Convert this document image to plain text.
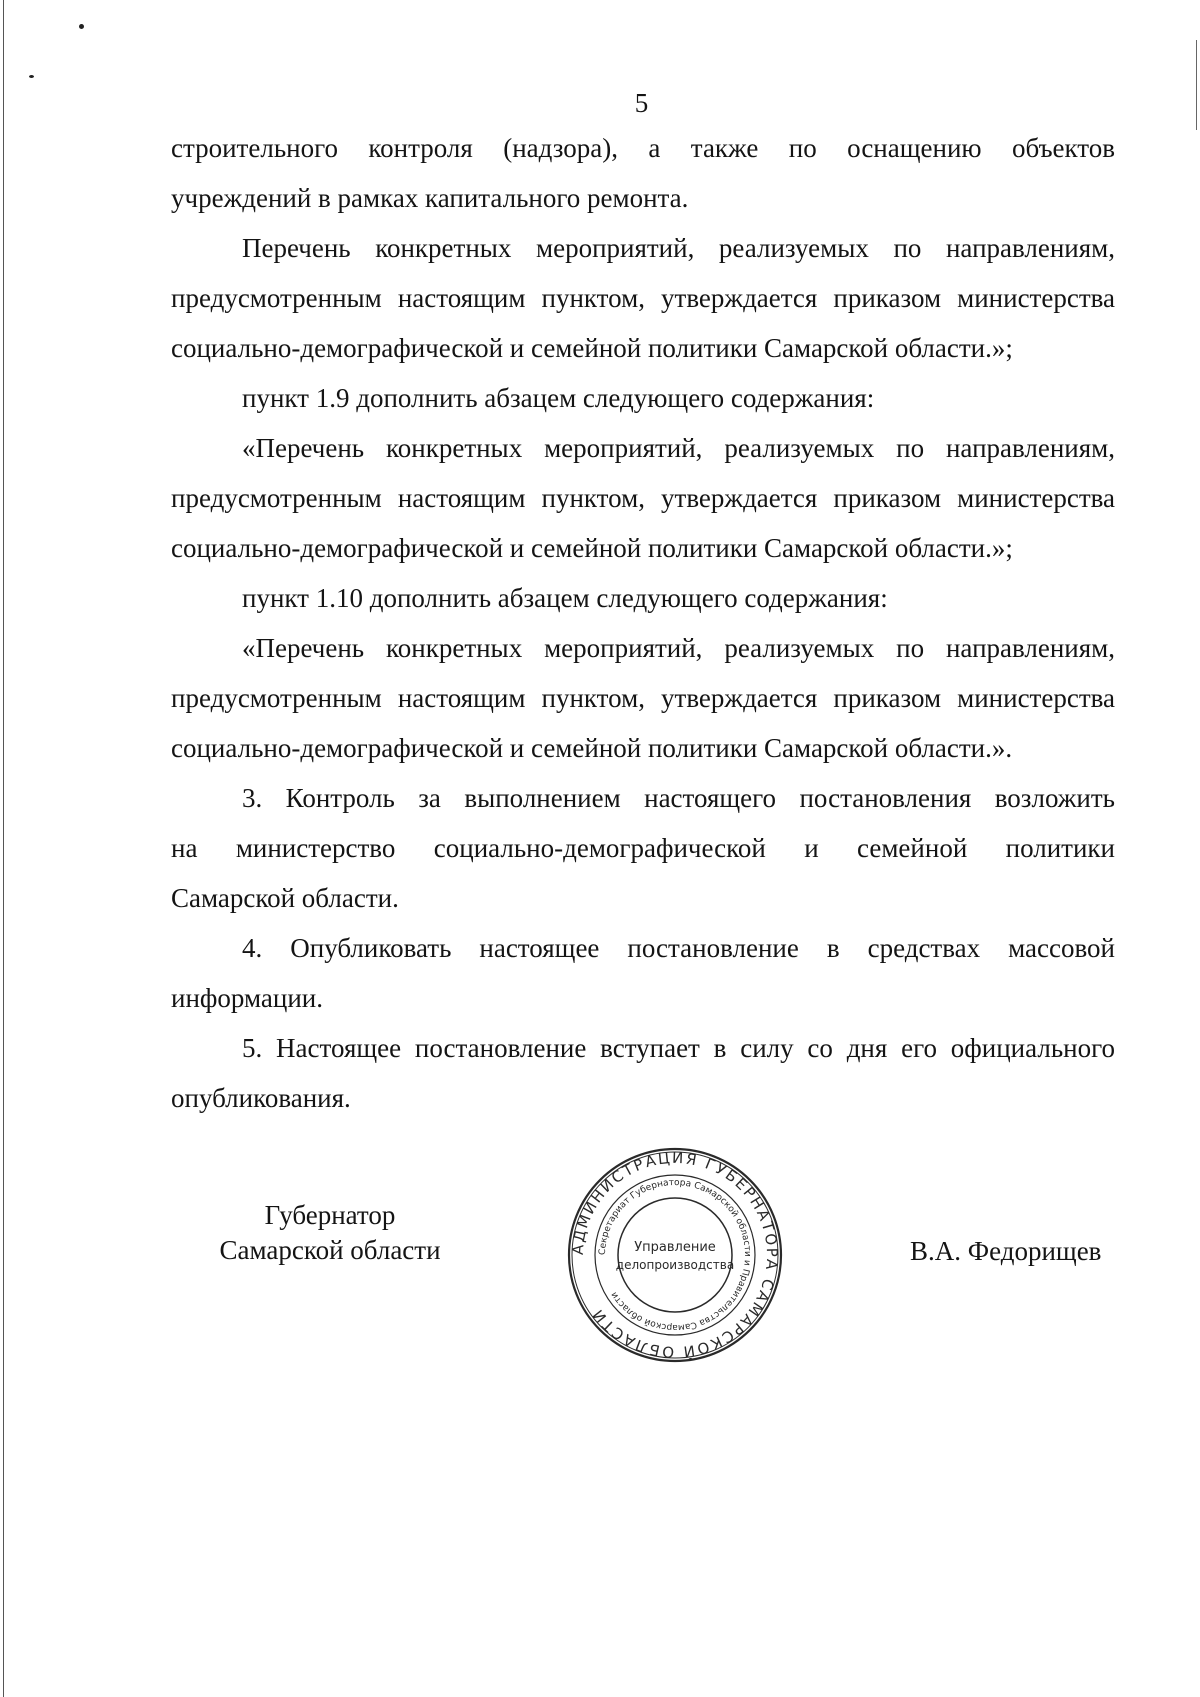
5

строительного контроля (надзора), а также по оснащению объектов
учреждений в рамках капитального ремонта.

Перечень конкретных мероприятий, реализуемых по направлениям,
предусмотренным настоящим пунктом, утверждается приказом министерства
социально-демографической и семейной политики Самарской области.»;

пункт 1.9 дополнить абзацем следующего содержания:

«Перечень конкретных мероприятий, реализуемых по направлениям,
предусмотренным настоящим пунктом, утверждается приказом министерства
социально-демографической и семейной политики Самарской области.»;

пункт 1.10 дополнить абзацем следующего содержания:

«Перечень конкретных мероприятий, реализуемых по направлениям,
предусмотренным настоящим пунктом, утверждается приказом министерства
социально-демографической и семейной политики Самарской области.».

3. Контроль за выполнением настоящего постановления возложить
на министерство социально-демографической и семейной политики
Самарской области.

4. Опубликовать настоящее постановление в средствах массовой
информации.

5. Настоящее постановление вступает в силу со дня его официального
опубликования.

Губернатор
Самарской области	В.А. Федорищев
АДМИНИСТРАЦИЯ ГУБЕРНАТОРА САМАРСКОЙ ОБЛАСТИ
Секретариат Губернатора Самарской области и Правительства Самарской области
Управление
делопроизводства
